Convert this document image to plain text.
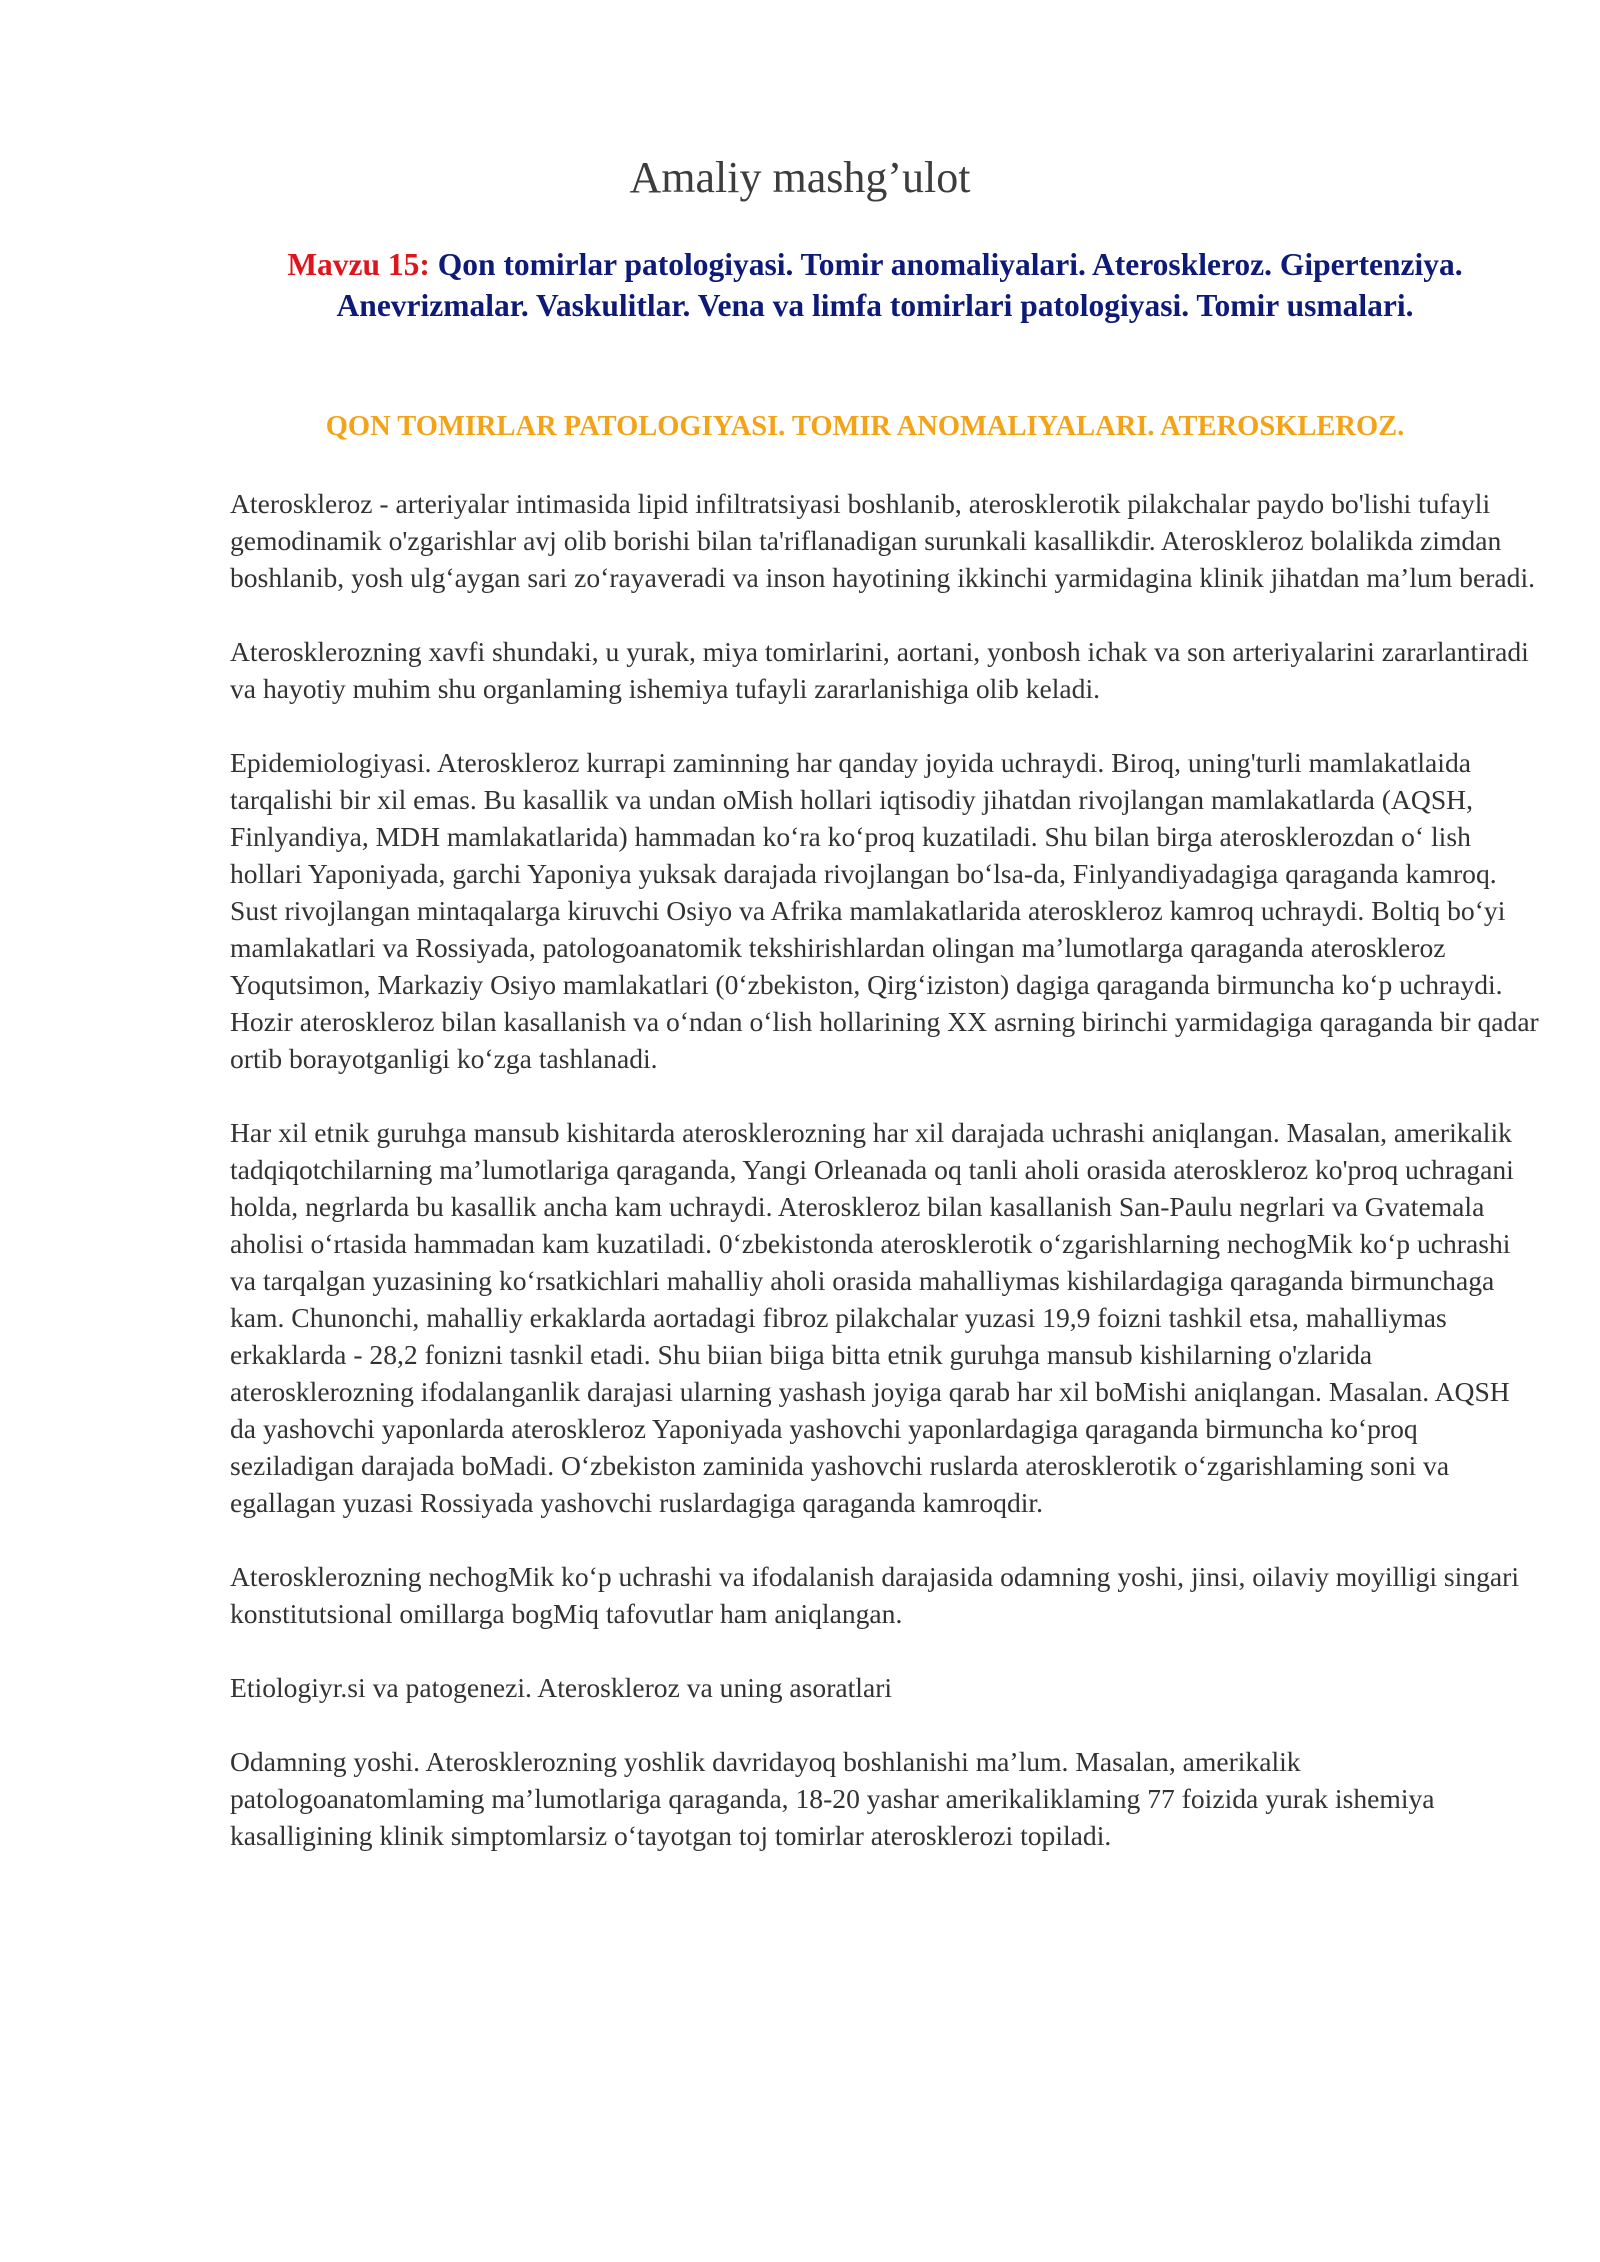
Amaliy mashg’ulot
Mavzu 15: Qon tomirlar patologiyasi. Tomir anomaliyalari. Ateroskleroz. Gipertenziya. Anevrizmalar. Vaskulitlar. Vena va limfa tomirlari patologiyasi. Tomir usmalari.
QON TOMIRLAR PATOLOGIYASI. TOMIR ANOMALIYALARI. ATEROSKLEROZ.

Ateroskleroz - arteriyalar intimasida lipid infiltratsiyasi boshlanib, aterosklerotik pilakchalar paydo bo'lishi tufayli gemodinamik o'zgarishlar avj olib borishi bilan ta'riflanadigan surunkali kasallikdir. Ateroskleroz bolalikda zimdan boshlanib, yosh ulg‘aygan sari zo‘rayaveradi va inson hayotining ikkinchi yarmidagina klinik jihatdan ma’lum beradi.

Aterosklerozning xavfi shundaki, u yurak, miya tomirlarini, aortani, yonbosh ichak va son arteriyalarini zararlantiradi va hayotiy muhim shu organlaming ishemiya tufayli zararlanishiga olib keladi.

Epidemiologiyasi. Ateroskleroz kurrapi zaminning har qanday joyida uchraydi. Biroq, uning'turli mamlakatlaida tarqalishi bir xil emas. Bu kasallik va undan oMish hollari iqtisodiy jihatdan rivojlangan mamlakatlarda (AQSH, Finlyandiya, MDH mamlakatlarida) hammadan ko‘ra ko‘proq kuzatiladi. Shu bilan birga aterosklerozdan o‘ lish hollari Yaponiyada, garchi Yaponiya yuksak darajada rivojlangan bo‘lsa-da, Finlyandiyadagiga qaraganda kamroq. Sust rivojlangan mintaqalarga kiruvchi Osiyo va Afrika mamlakatlarida ateroskleroz kamroq uchraydi. Boltiq bo‘yi mamlakatlari va Rossiyada, patologoanatomik tekshirishlardan olingan ma’lumotlarga qaraganda ateroskleroz Yoqutsimon, Markaziy Osiyo mamlakatlari (0‘zbekiston, Qirg‘iziston) dagiga qaraganda birmuncha ko‘p uchraydi. Hozir ateroskleroz bilan kasallanish va o‘ndan o‘lish hollarining XX asrning birinchi yarmidagiga qaraganda bir qadar ortib borayotganligi ko‘zga tashlanadi.

Har xil etnik guruhga mansub kishitarda aterosklerozning har xil darajada uchrashi aniqlangan. Masalan, amerikalik tadqiqotchilarning ma’lumotlariga qaraganda, Yangi Orleanada oq tanli aholi orasida ateroskleroz ko'proq uchragani holda, negrlarda bu kasallik ancha kam uchraydi. Ateroskleroz bilan kasallanish San-Paulu negrlari va Gvatemala aholisi o‘rtasida hammadan kam kuzatiladi. 0‘zbekistonda aterosklerotik o‘zgarishlarning nechogMik ko‘p uchrashi va tarqalgan yuzasining ko‘rsatkichlari mahalliy aholi orasida mahalliymas kishilardagiga qaraganda birmunchaga kam. Chunonchi, mahalliy erkaklarda aortadagi fibroz pilakchalar yuzasi 19,9 foizni tashkil etsa, mahalliymas erkaklarda - 28,2 fonizni tasnkil etadi. Shu biian biiga bitta etnik guruhga mansub kishilarning o'zlarida aterosklerozning ifodalanganlik darajasi ularning yashash joyiga qarab har xil boMishi aniqlangan. Masalan. AQSH da yashovchi yaponlarda ateroskleroz Yaponiyada yashovchi yaponlardagiga qaraganda birmuncha ko‘proq seziladigan darajada boMadi. O‘zbekiston zaminida yashovchi ruslarda aterosklerotik o‘zgarishlaming soni va egallagan yuzasi Rossiyada yashovchi ruslardagiga qaraganda kamroqdir.

Aterosklerozning nechogMik ko‘p uchrashi va ifodalanish darajasida odamning yoshi, jinsi, oilaviy moyilligi singari konstitutsional omillarga bogMiq tafovutlar ham aniqlangan.

Etiologiyr.si va patogenezi. Ateroskleroz va uning asoratlari

Odamning yoshi. Aterosklerozning yoshlik davridayoq boshlanishi ma’lum. Masalan, amerikalik patologoanatomlaming ma’lumotlariga qaraganda, 18-20 yashar amerikaliklaming 77 foizida yurak ishemiya kasalligining klinik simptomlarsiz o‘tayotgan toj tomirlar aterosklerozi topiladi.
